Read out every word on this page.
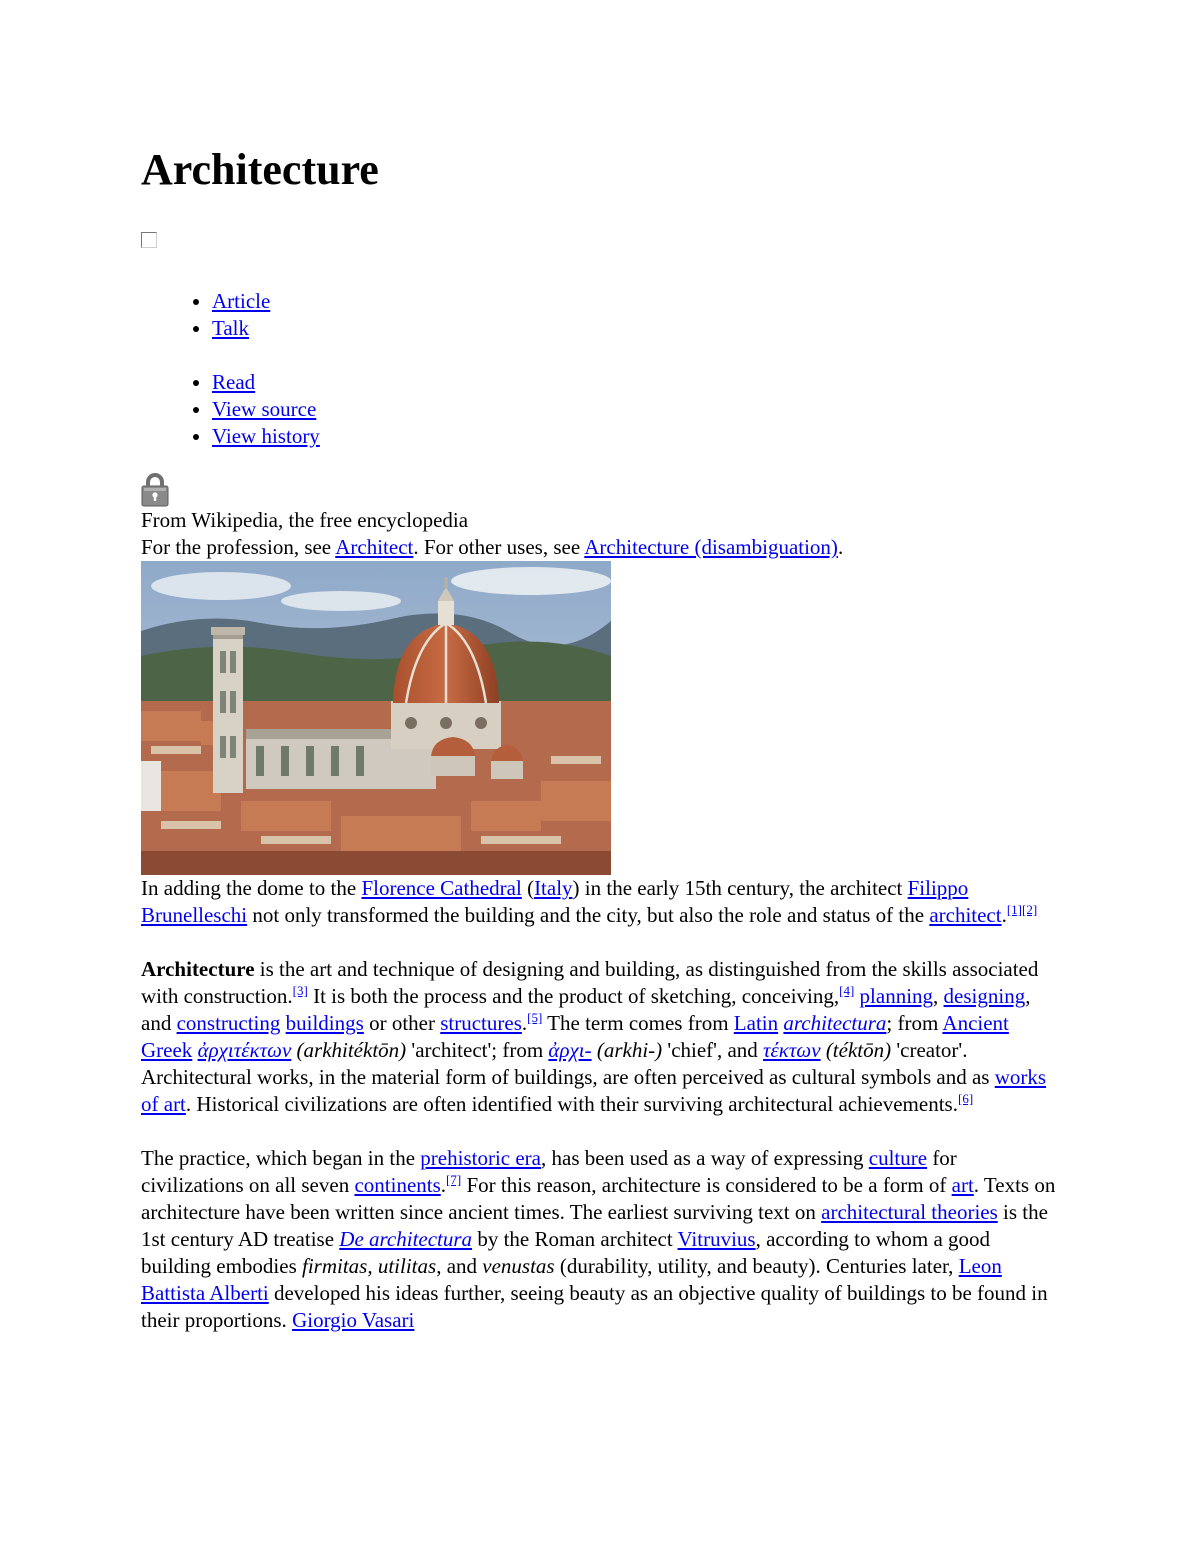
Architecture
• Article
• Talk
• Read
• View source
• View history
From Wikipedia, the free encyclopedia
For the profession, see Architect. For other uses, see Architecture (disambiguation).
In adding the dome to the Florence Cathedral (Italy) in the early 15th century, the architect Filippo Brunelleschi not only transformed the building and the city, but also the role and status of the architect.[1][2]

Architecture is the art and technique of designing and building, as distinguished from the skills associated with construction.[3] It is both the process and the product of sketching, conceiving,[4] planning, designing, and constructing buildings or other structures.[5] The term comes from Latin architectura; from Ancient Greek ἀρχιτέκτων (arkhitéktōn) 'architect'; from ἀρχι- (arkhi-) 'chief', and τέκτων (téktōn) 'creator'. Architectural works, in the material form of buildings, are often perceived as cultural symbols and as works of art. Historical civilizations are often identified with their surviving architectural achievements.[6]

The practice, which began in the prehistoric era, has been used as a way of expressing culture for civilizations on all seven continents.[7] For this reason, architecture is considered to be a form of art. Texts on architecture have been written since ancient times. The earliest surviving text on architectural theories is the 1st century AD treatise De architectura by the Roman architect Vitruvius, according to whom a good building embodies firmitas, utilitas, and venustas (durability, utility, and beauty). Centuries later, Leon Battista Alberti developed his ideas further, seeing beauty as an objective quality of buildings to be found in their proportions. Giorgio Vasari
